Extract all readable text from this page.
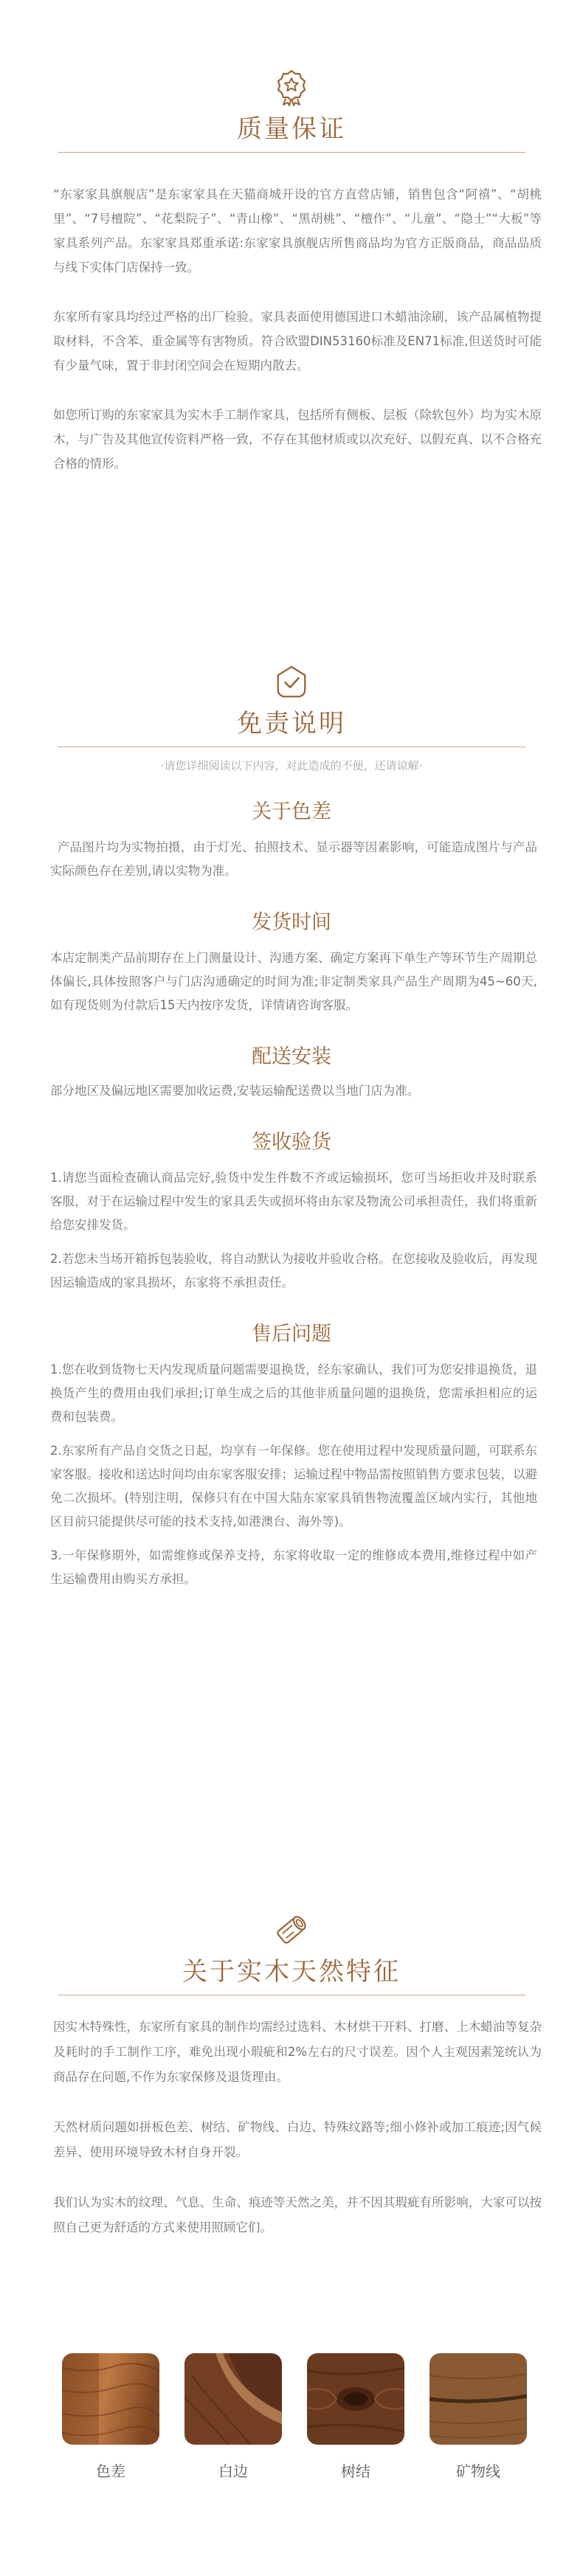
质量保证

“东家家具旗舰店”是东家家具在天猫商城开设的官方直营店铺，销售包含“阿禧”、“胡桃里”、“7号檀院”、“花梨院子”、“青山橡”、“黑胡桃”、“檀作”、“儿童”、“隐士”“大板”等家具系列产品。东家家具郑重承诺:东家家具旗舰店所售商品均为官方正版商品，商品品质与线下实体门店保持一致。

东家所有家具均经过严格的出厂检验。家具表面使用德国进口木蜡油涂刷，该产品属植物提取材料，不含苯、重金属等有害物质。符合欧盟DIN53160标准及EN71标准,但送货时可能有少量气味，置于非封闭空间会在短期内散去。

如您所订购的东家家具为实木手工制作家具，包括所有侧板、层板（除软包外）均为实木原木，与广告及其他宣传资料严格一致，不存在其他材质或以次充好、以假充真、以不合格充合格的情形。

免责说明
·请您详细阅读以下内容，对此造成的不便，还请谅解·
关于色差

产品图片均为实物拍摄，由于灯光、拍照技术、显示器等因素影响，可能造成图片与产品实际颜色存在差别,请以实物为准。

发货时间

本店定制类产品前期存在上门测量设计、沟通方案、确定方案再下单生产等环节生产周期总体偏长,具体按照客户与门店沟通确定的时间为准;非定制类家具产品生产周期为45~60天,如有现货则为付款后15天内按序发货，详情请咨询客服。

配送安装

部分地区及偏远地区需要加收运费,安装运输配送费以当地门店为准。

签收验货

1.请您当面检查确认商品完好,验货中发生件数不齐或运输损坏，您可当场拒收并及时联系客服，对于在运输过程中发生的家具丢失或损坏将由东家及物流公司承担责任，我们将重新给您安排发货。

2.若您未当场开箱拆包装验收，将自动默认为接收并验收合格。在您接收及验收后，再发现因运输造成的家具损坏，东家将不承担责任。

售后问题

1.您在收到货物七天内发现质量问题需要退换货，经东家确认，我们可为您安排退换货，退换货产生的费用由我们承担;订单生成之后的其他非质量问题的退换货，您需承担相应的运费和包装费。

2.东家所有产品自交货之日起，均享有一年保修。您在使用过程中发现质量问题，可联系东家客服。接收和送达时间均由东家客服安排；运输过程中物品需按照销售方要求包装，以避免二次损坏。(特别注明，保修只有在中国大陆东家家具销售物流覆盖区域内实行，其他地区目前只能提供尽可能的技术支持,如港澳台、海外等)。

3.一年保修期外，如需维修或保养支持，东家将收取一定的维修成本费用,维修过程中如产生运输费用由购买方承担。

关于实木天然特征

因实木特殊性，东家所有家具的制作均需经过选料、木材烘干开料、打磨、上木蜡油等复杂及耗时的手工制作工序，难免出现小瑕疵和2%左右的尺寸误差。因个人主观因素笼统认为商品存在问题,不作为东家保修及退货理由。

天然材质问题如拼板色差、树结、矿物线、白边、特殊纹路等;细小修补或加工痕迹;因气候差异、使用环境导致木材自身开裂。

我们认为实木的纹理、气息、生命、痕迹等天然之美，并不因其瑕疵有所影响，大家可以按照自己更为舒适的方式来使用照顾它们。

色差	白边	树结	矿物线
